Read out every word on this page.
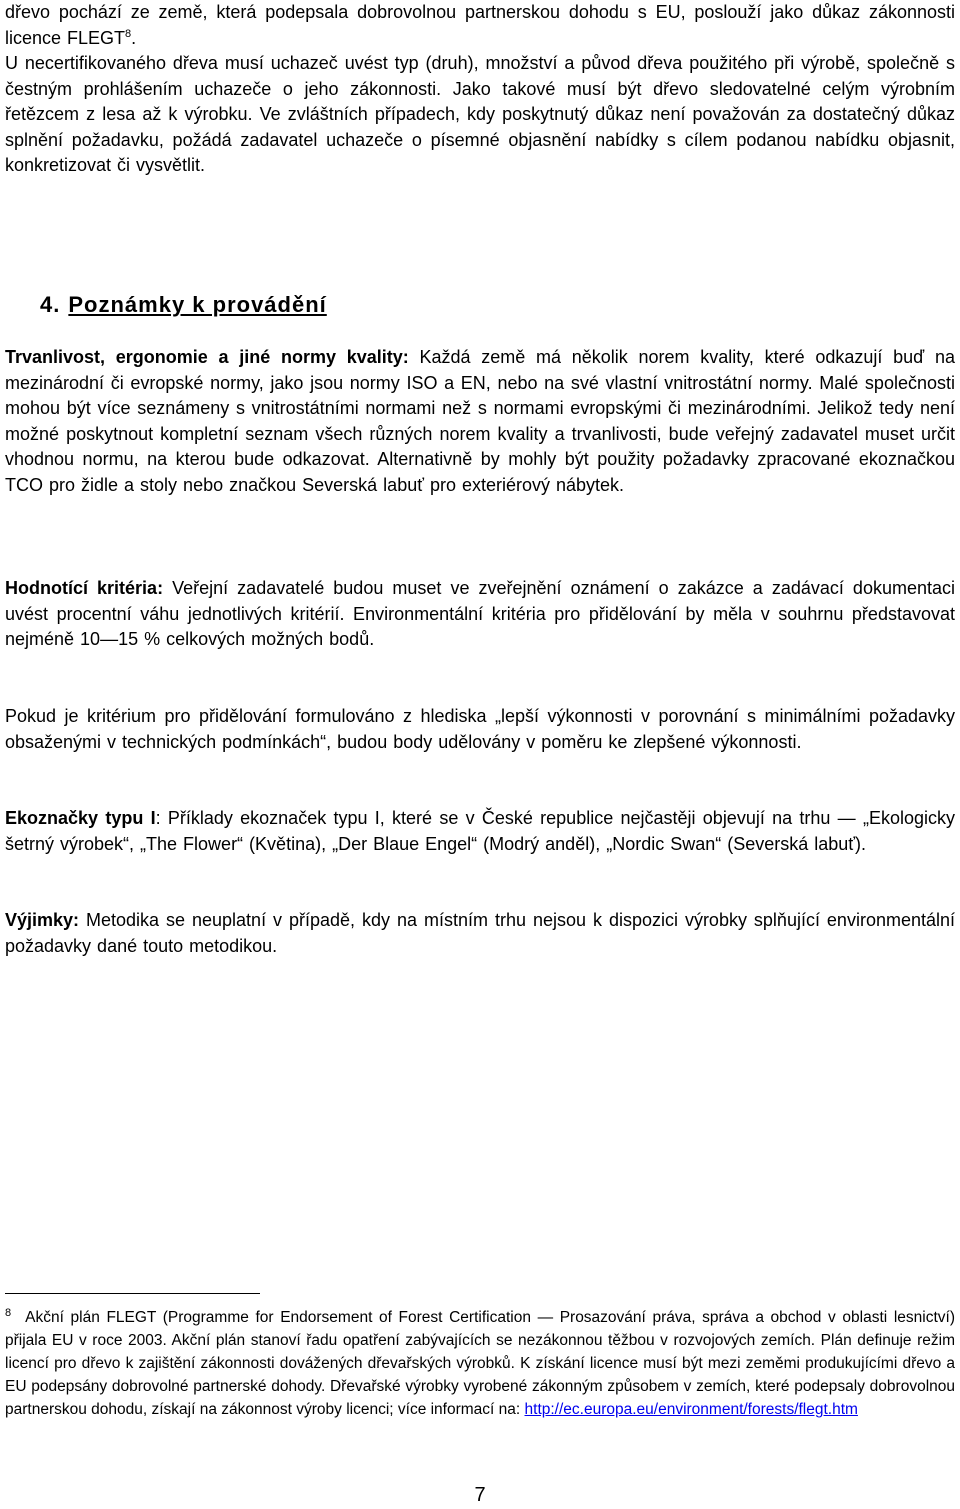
dřevo pochází ze země, která podepsala dobrovolnou partnerskou dohodu s EU, poslouží jako důkaz zákonnosti licence FLEGT$^8$.
U necertifikovaného dřeva musí uchazeč uvést typ (druh), množství a původ dřeva použitého při výrobě, společně s čestným prohlášením uchazeče o jeho zákonnosti. Jako takové musí být dřevo sledovatelné celým výrobním řetězcem z lesa až k výrobku. Ve zvláštních případech, kdy poskytnutý důkaz není považován za dostatečný důkaz splnění požadavku, požádá zadavatel uchazeče o písemné objasnění nabídky s cílem podanou nabídku objasnit, konkretizovat či vysvětlit.
4. Poznámky k provádění
Trvanlivost, ergonomie a jiné normy kvality: Každá země má několik norem kvality, které odkazují buď na mezinárodní či evropské normy, jako jsou normy ISO a EN, nebo na své vlastní vnitrostátní normy. Malé společnosti mohou být více seznámeny s vnitrostátními normami než s normami evropskými či mezinárodními. Jelikož tedy není možné poskytnout kompletní seznam všech různých norem kvality a trvanlivosti, bude veřejný zadavatel muset určit vhodnou normu, na kterou bude odkazovat. Alternativně by mohly být použity požadavky zpracované ekoznačkou TCO pro židle a stoly nebo značkou Severská labuť pro exteriérový nábytek.
Hodnotící kritéria: Veřejní zadavatelé budou muset ve zveřejnění oznámení o zakázce a zadávací dokumentaci uvést procentní váhu jednotlivých kritérií. Environmentální kritéria pro přidělování by měla v souhrnu představovat nejméně 10—15 % celkových možných bodů.
Pokud je kritérium pro přidělování formulováno z hlediska „lepší výkonnosti v porovnání s minimálními požadavky obsaženými v technických podmínkách“, budou body udělovány v poměru ke zlepšené výkonnosti.
Ekoznačky typu I: Příklady ekoznaček typu I, které se v České republice nejčastěji objevují na trhu — „Ekologicky šetrný výrobek“, „The Flower“ (Květina), „Der Blaue Engel“ (Modrý anděl), „Nordic Swan“ (Severská labuť).
Výjimky: Metodika se neuplatní v případě, kdy na místním trhu nejsou k dispozici výrobky splňující environmentální požadavky dané touto metodikou.
$^8$ Akční plán FLEGT (Programme for Endorsement of Forest Certification — Prosazování práva, správa a obchod v oblasti lesnictví) přijala EU v roce 2003. Akční plán stanoví řadu opatření zabývajících se nezákonnou těžbou v rozvojových zemích. Plán definuje režim licencí pro dřevo k zajištění zákonnosti dovážených dřevařských výrobků. K získání licence musí být mezi zeměmi produkujícími dřevo a EU podepsány dobrovolné partnerské dohody. Dřevařské výrobky vyrobené zákonným způsobem v zemích, které podepsaly dobrovolnou partnerskou dohodu, získají na zákonnost výroby licenci; více informací na: http://ec.europa.eu/environment/forests/flegt.htm
7
